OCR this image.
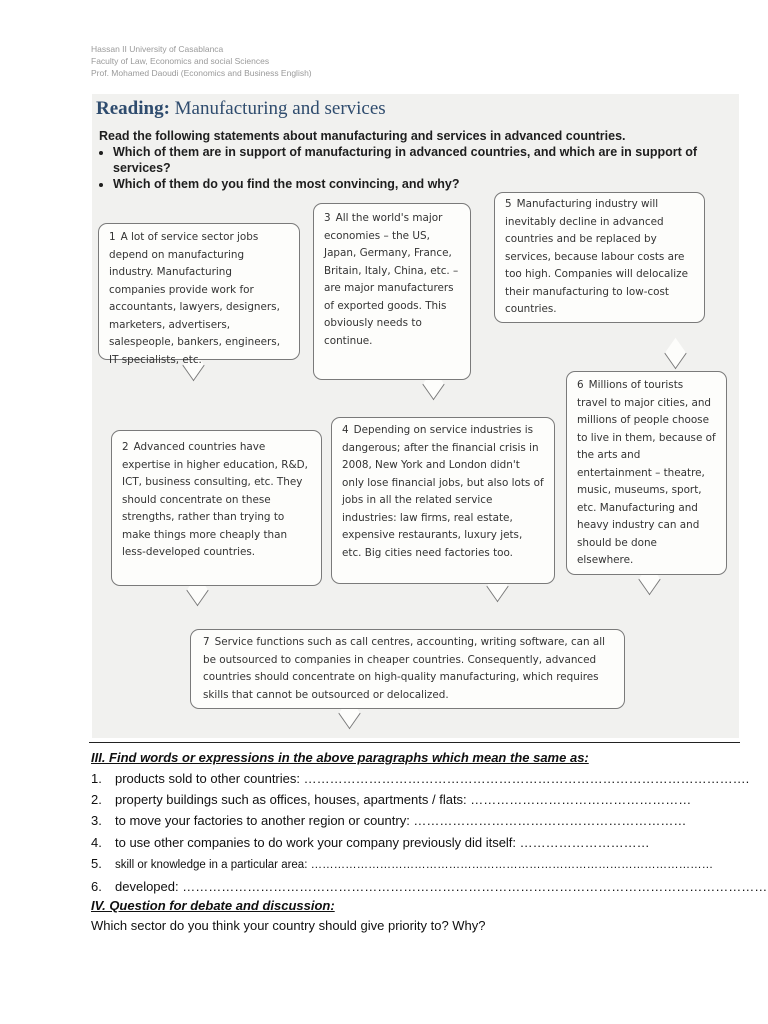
Hassan II University of Casablanca
Faculty of Law, Economics and social Sciences
Prof. Mohamed Daoudi (Economics and Business English)
Reading: Manufacturing and services
Read the following statements about manufacturing and services in advanced countries.
• Which of them are in support of manufacturing in advanced countries, and which are in support of services?
• Which of them do you find the most convincing, and why?
1 A lot of service sector jobs depend on manufacturing industry. Manufacturing companies provide work for accountants, lawyers, designers, marketers, advertisers, salespeople, bankers, engineers, IT specialists, etc.
2 Advanced countries have expertise in higher education, R&D, ICT, business consulting, etc. They should concentrate on these strengths, rather than trying to make things more cheaply than less-developed countries.
3 All the world's major economies – the US, Japan, Germany, France, Britain, Italy, China, etc. – are major manufacturers of exported goods. This obviously needs to continue.
4 Depending on service industries is dangerous; after the financial crisis in 2008, New York and London didn't only lose financial jobs, but also lots of jobs in all the related service industries: law firms, real estate, expensive restaurants, luxury jets, etc. Big cities need factories too.
5 Manufacturing industry will inevitably decline in advanced countries and be replaced by services, because labour costs are too high. Companies will delocalize their manufacturing to low-cost countries.
6 Millions of tourists travel to major cities, and millions of people choose to live in them, because of the arts and entertainment – theatre, music, museums, sport, etc. Manufacturing and heavy industry can and should be done elsewhere.
7 Service functions such as call centres, accounting, writing software, can all be outsourced to companies in cheaper countries. Consequently, advanced countries should concentrate on high-quality manufacturing, which requires skills that cannot be outsourced or delocalized.
III. Find words or expressions in the above paragraphs which mean the same as:
1. products sold to other countries: ………………………………………………………………………………………….
2. property buildings such as offices, houses, apartments / flats: ……………………………………………
3. to move your factories to another region or country: ………………………………………………………
4. to use other companies to do work your company previously did itself: …………………………
5. skill or knowledge in a particular area: ……………………………………………………………………………………………
6. developed: ………………………………………………………………………………………………………………………
IV. Question for debate and discussion:
Which sector do you think your country should give priority to? Why?
